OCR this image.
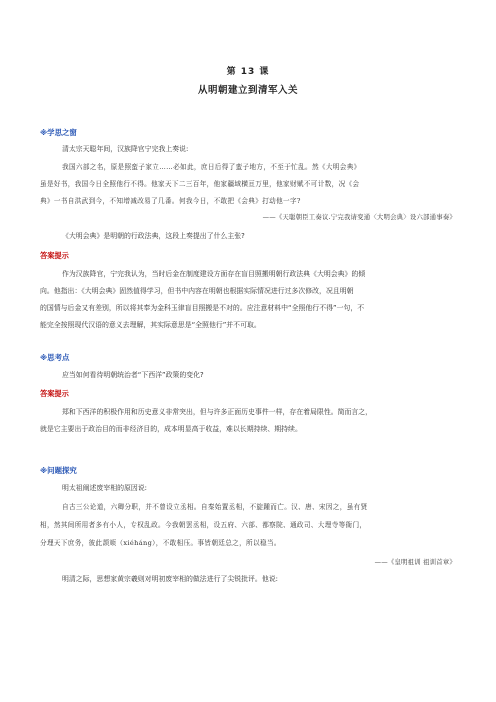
第 13 课
从明朝建立到清军入关
※学思之窗
清太宗天聪年间，汉族降官宁完我上奏说:
我国六部之名，原是照蛮子家立……必如此，庶日后得了蛮子地方，不至于忙乱。然《大明会典》
虽是好书，我国今日全照他行不得。他家天下二三百年，他家疆域横亘万里，他家财赋不可计数，况《会
典》一书自洪武到今，不知增减改易了几番。何我今日，不敢把《会典》打动他一字?
——《天聪朝臣工奏议.宁完我请变通〈大明会典〉设六部通事奏》
《大明会典》是明朝的行政法典，这段上奏提出了什么主张?
答案提示
作为汉族降官，宁完我认为，当时后金在制度建设方面存在盲目照搬明朝行政法典《大明会典》的倾
向。他指出：《大明会典》固然值得学习，但书中内容在明朝也根据实际情况进行过多次修改，况且明朝
的国情与后金又有差别，所以将其奉为金科玉律盲目照搬是不对的。应注意材料中“全照他行不得”一句，不
能完全按照现代汉语的意义去理解，其实际意思是“全照他行”并不可取。
※思考点
应当如何看待明朝统治者“下西洋”政策的变化?
答案提示
郑和下西洋的积极作用和历史意义非常突出，但与许多正面历史事件一样，存在着局限性。简而言之，
就是它主要出于政治目的而非经济目的，成本明显高于收益，难以长期持续、期持续。
※问题探究
明太祖阐述废宰相的原因说:
自古三公论道，六卿分职，并不曾设立丞相。自秦始置丞相，不旋踵而亡。汉、唐、宋因之，虽有贤
相，然其间所用者多有小人，专权乱政。今我朝罢丞相，设五府、六部、都察院、通政司、大理寺等衙门，
分理天下庶务，彼此颉颃（xiéháng），不敢相压。事皆朝廷总之，所以稳当。
——《皇明祖训 祖训首章》
明清之际，思想家黄宗羲则对明初废宰相的做法进行了尖锐批评。他说:
